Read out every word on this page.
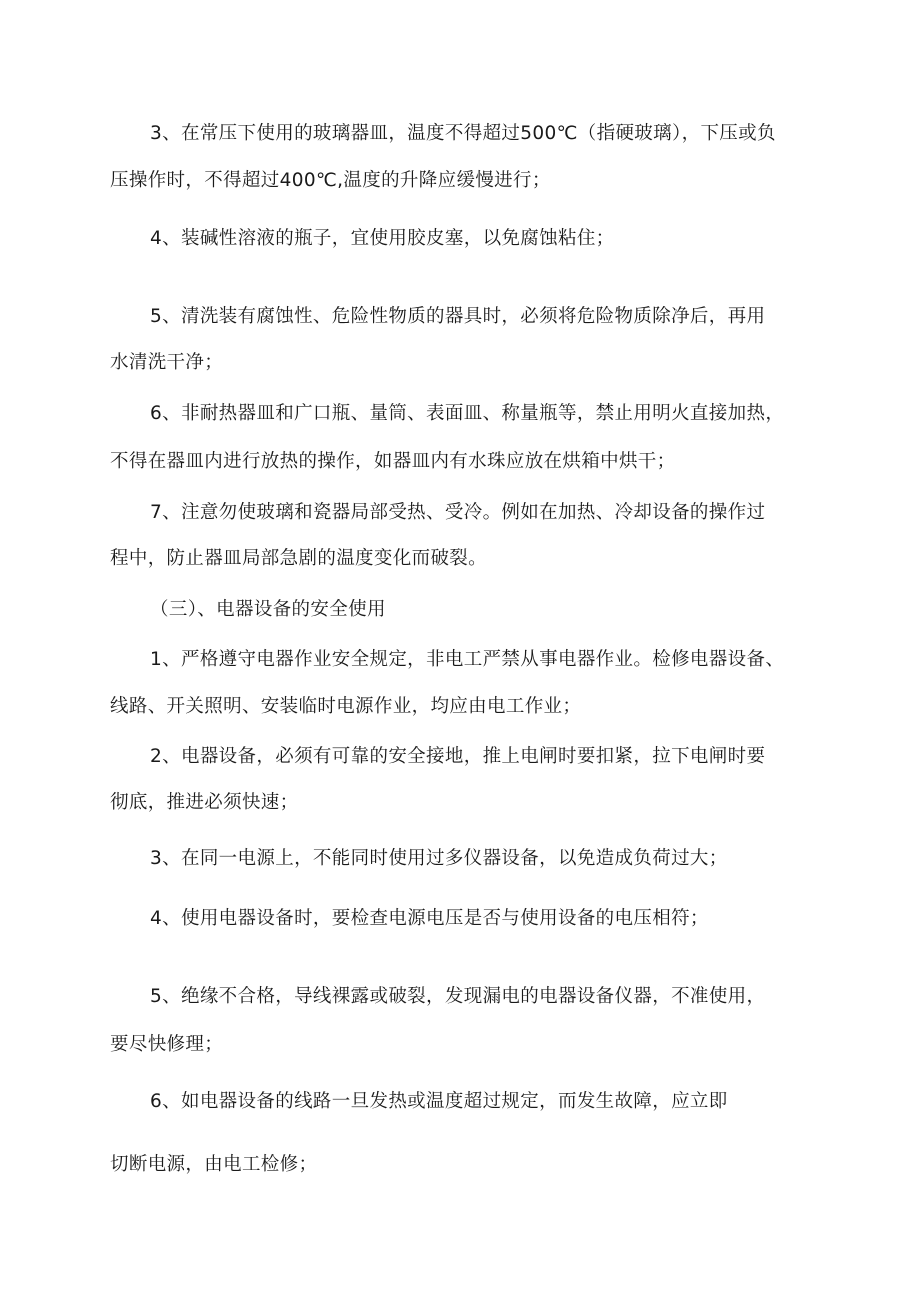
3、在常压下使用的玻璃器皿，温度不得超过500℃（指硬玻璃），下压或负
压操作时，不得超过400℃,温度的升降应缓慢进行；
4、装碱性溶液的瓶子，宜使用胶皮塞，以免腐蚀粘住；
5、清洗装有腐蚀性、危险性物质的器具时，必须将危险物质除净后，再用
水清洗干净；
6、非耐热器皿和广口瓶、量筒、表面皿、称量瓶等，禁止用明火直接加热，
不得在器皿内进行放热的操作，如器皿内有水珠应放在烘箱中烘干；
7、注意勿使玻璃和瓷器局部受热、受冷。例如在加热、冷却设备的操作过
程中，防止器皿局部急剧的温度变化而破裂。
（三）、电器设备的安全使用
1、严格遵守电器作业安全规定，非电工严禁从事电器作业。检修电器设备、
线路、开关照明、安装临时电源作业，均应由电工作业；
2、电器设备，必须有可靠的安全接地，推上电闸时要扣紧，拉下电闸时要
彻底，推进必须快速；
3、在同一电源上，不能同时使用过多仪器设备，以免造成负荷过大；
4、使用电器设备时，要检查电源电压是否与使用设备的电压相符；
5、绝缘不合格，导线裸露或破裂，发现漏电的电器设备仪器，不准使用，
要尽快修理；
6、如电器设备的线路一旦发热或温度超过规定，而发生故障，应立即
切断电源，由电工检修；
